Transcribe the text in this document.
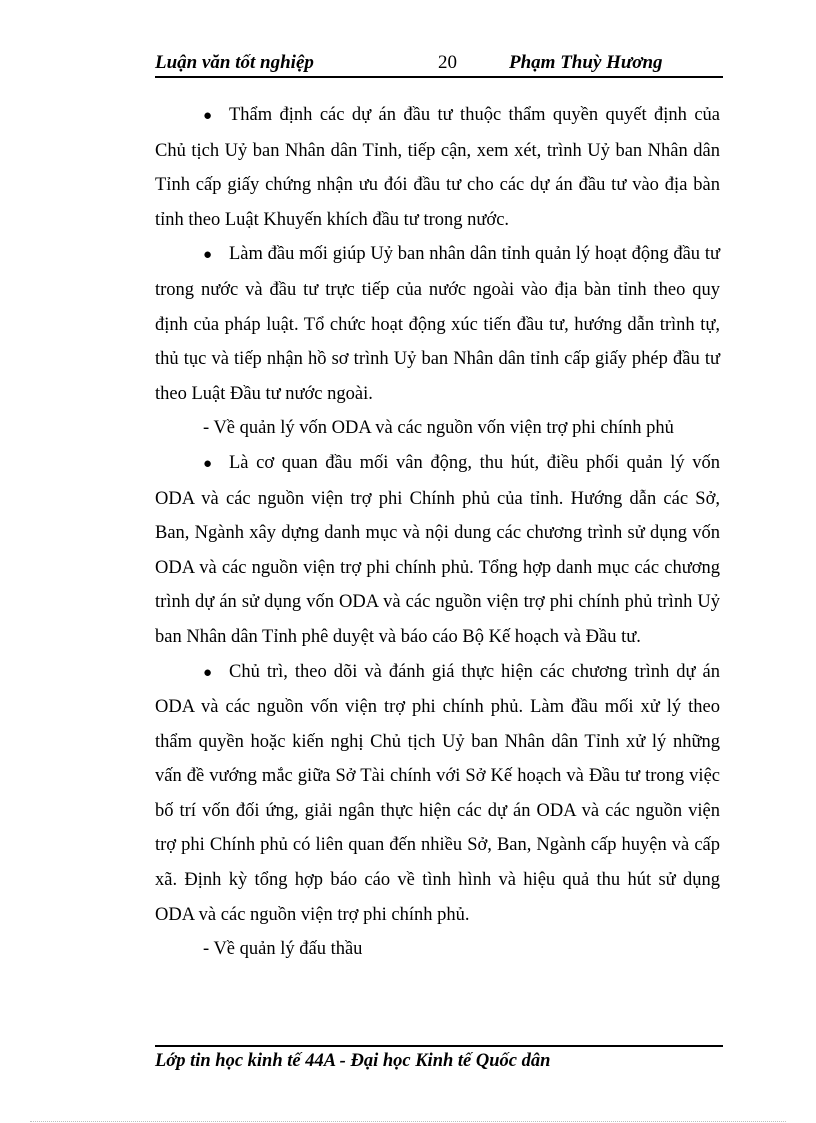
Luận văn tốt nghiệp	20	Phạm Thuỳ Hương

● Thẩm định các dự án đầu tư thuộc thẩm quyền quyết định của Chủ tịch Uỷ ban Nhân dân Tỉnh, tiếp cận, xem xét, trình Uỷ ban Nhân dân Tỉnh cấp giấy chứng nhận ưu đói đầu tư cho các dự án đầu tư vào địa bàn tỉnh theo Luật Khuyến khích đầu tư trong nước.

● Làm đầu mối giúp Uỷ ban nhân dân tỉnh quản lý hoạt động đầu tư trong nước và đầu tư trực tiếp của nước ngoài vào địa bàn tỉnh theo quy định của pháp luật. Tổ chức hoạt động xúc tiến đầu tư, hướng dẫn trình tự, thủ tục và tiếp nhận hồ sơ trình Uỷ ban Nhân dân tỉnh cấp giấy phép đầu tư theo Luật Đầu tư nước ngoài.

- Về quản lý vốn ODA và các nguồn vốn viện trợ phi chính phủ

● Là cơ quan đầu mối vân động, thu hút, điều phối quản lý vốn ODA và các nguồn viện trợ phi Chính phủ của tỉnh. Hướng dẫn các Sở, Ban, Ngành xây dựng danh mục và nội dung các chương trình sử dụng vốn ODA và các nguồn viện trợ phi chính phủ. Tổng hợp danh mục các chương trình dự án sử dụng vốn ODA và các nguồn viện trợ phi chính phủ trình Uỷ ban Nhân dân Tỉnh phê duyệt và báo cáo Bộ Kế hoạch và Đầu tư.

● Chủ trì, theo dõi và đánh giá thực hiện các chương trình dự án ODA và các nguồn vốn viện trợ phi chính phủ. Làm đầu mối xử lý theo thẩm quyền hoặc kiến nghị Chủ tịch Uỷ ban Nhân dân Tỉnh xử lý những vấn đề vướng mắc giữa Sở Tài chính với Sở Kế hoạch và Đầu tư trong việc bố trí vốn đối ứng, giải ngân thực hiện các dự án ODA và các nguồn viện trợ phi Chính phủ có liên quan đến nhiều Sở, Ban, Ngành cấp huyện và cấp xã. Định kỳ tổng hợp báo cáo về tình hình và hiệu quả thu hút sử dụng ODA và các nguồn viện trợ phi chính phủ.

- Về quản lý đấu thầu

Lớp tin học kinh tế 44A - Đại học Kinh tế Quốc dân
